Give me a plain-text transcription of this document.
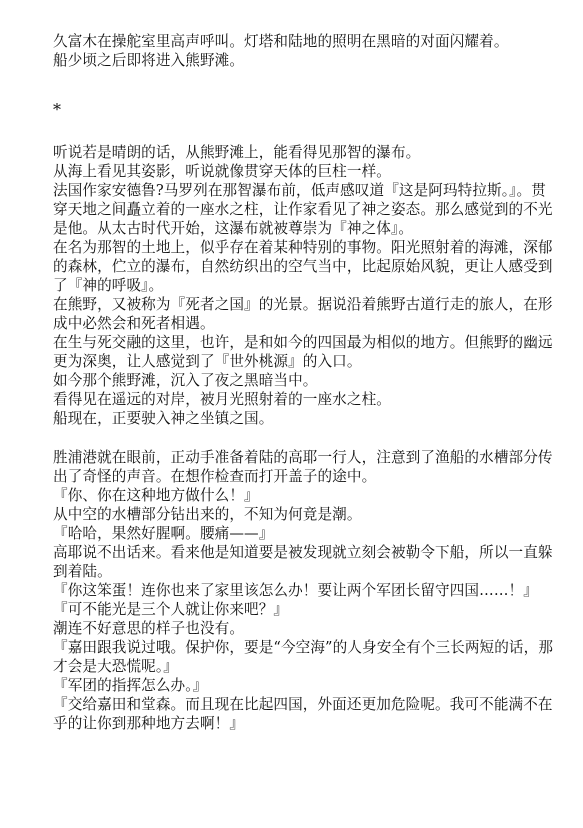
久富木在操舵室里高声呼叫。灯塔和陆地的照明在黑暗的对面闪耀着。
船少顷之后即将进入熊野滩。
*
听说若是晴朗的话，从熊野滩上，能看得见那智的瀑布。
从海上看见其姿影，听说就像贯穿天体的巨柱一样。
法国作家安德鲁?马罗列在那智瀑布前，低声感叹道『这是阿玛特拉斯。』。贯穿天地之间矗立着的一座水之柱，让作家看见了神之姿态。那么感觉到的不光是他。从太古时代开始，这瀑布就被尊崇为『神之体』。
在名为那智的土地上，似乎存在着某种特别的事物。阳光照射着的海滩，深郁的森林，伫立的瀑布，自然纺织出的空气当中，比起原始风貌，更让人感受到了『神的呼吸』。
在熊野，又被称为『死者之国』的光景。据说沿着熊野古道行走的旅人，在形成中必然会和死者相遇。
在生与死交融的这里，也许，是和如今的四国最为相似的地方。但熊野的幽远更为深奥，让人感觉到了『世外桃源』的入口。
如今那个熊野滩，沉入了夜之黑暗当中。
看得见在遥远的对岸，被月光照射着的一座水之柱。
船现在，正要驶入神之坐镇之国。
胜浦港就在眼前，正动手准备着陆的高耶一行人，注意到了渔船的水槽部分传出了奇怪的声音。在想作检查而打开盖子的途中。
『你、你在这种地方做什么！』
从中空的水槽部分钻出来的，不知为何竟是潮。
『哈哈，果然好腥啊。腰痛——』
高耶说不出话来。看来他是知道要是被发现就立刻会被勒令下船，所以一直躲到着陆。
『你这笨蛋！连你也来了家里该怎么办！要让两个军团长留守四国……！』
『可不能光是三个人就让你来吧？』
潮连不好意思的样子也没有。
『嘉田跟我说过哦。保护你，要是“今空海”的人身安全有个三长两短的话，那才会是大恐慌呢。』
『军团的指挥怎么办。』
『交给嘉田和堂森。而且现在比起四国，外面还更加危险呢。我可不能满不在乎的让你到那种地方去啊！』
